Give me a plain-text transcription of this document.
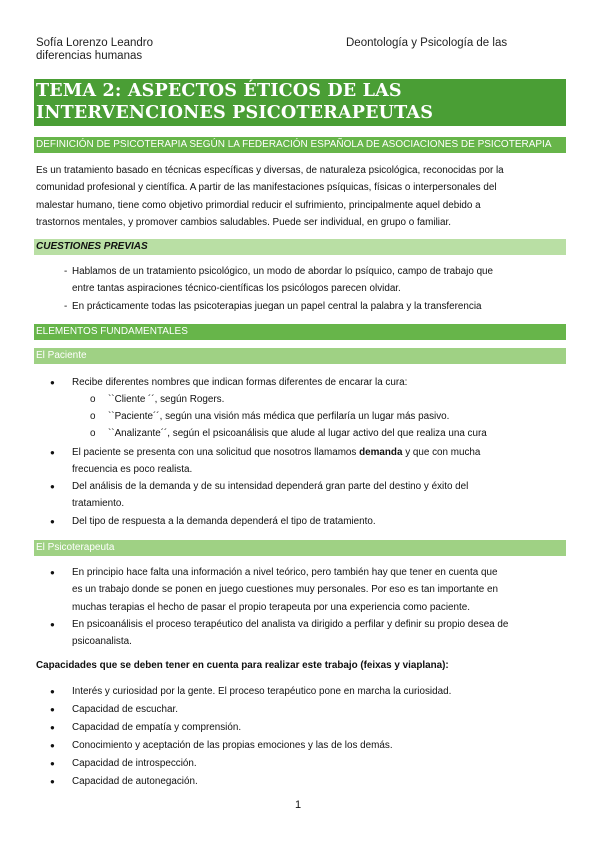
Sofía Lorenzo Leandro
diferencias humanas
Deontología y Psicología de las
TEMA 2: ASPECTOS ÉTICOS DE LAS
INTERVENCIONES PSICOTERAPEUTAS
DEFINICIÓN DE PSICOTERAPIA SEGÚN LA FEDERACIÓN ESPAÑOLA DE ASOCIACIONES DE PSICOTERAPIA
Es un tratamiento basado en técnicas específicas y diversas, de naturaleza psicológica, reconocidas por la
comunidad profesional y científica. A partir de las manifestaciones psíquicas, físicas o interpersonales del
malestar humano, tiene como objetivo primordial reducir el sufrimiento, principalmente aquel debido a
trastornos mentales, y promover cambios saludables. Puede ser individual, en grupo o familiar.
CUESTIONES PREVIAS
- Hablamos de un tratamiento psicológico, un modo de abordar lo psíquico, campo de trabajo que
entre tantas aspiraciones técnico-científicas los psicólogos parecen olvidar.
- En prácticamente todas las psicoterapias juegan un papel central la palabra y la transferencia
ELEMENTOS FUNDAMENTALES
El Paciente
● Recibe diferentes nombres que indican formas diferentes de encarar la cura:
o ``Cliente ´´, según Rogers.
o ``Paciente´´, según una visión más médica que perfilaría un lugar más pasivo.
o ``Analizante´´, según el psicoanálisis que alude al lugar activo del que realiza una cura
● El paciente se presenta con una solicitud que nosotros llamamos demanda y que con mucha
frecuencia es poco realista.
● Del análisis de la demanda y de su intensidad dependerá gran parte del destino y éxito del
tratamiento.
● Del tipo de respuesta a la demanda dependerá el tipo de tratamiento.
El Psicoterapeuta
● En principio hace falta una información a nivel teórico, pero también hay que tener en cuenta que
es un trabajo donde se ponen en juego cuestiones muy personales. Por eso es tan importante en
muchas terapias el hecho de pasar el propio terapeuta por una experiencia como paciente.
● En psicoanálisis el proceso terapéutico del analista va dirigido a perfilar y definir su propio desea de
psicoanalista.
Capacidades que se deben tener en cuenta para realizar este trabajo (feixas y viaplana):
● Interés y curiosidad por la gente. El proceso terapéutico pone en marcha la curiosidad.
● Capacidad de escuchar.
● Capacidad de empatía y comprensión.
● Conocimiento y aceptación de las propias emociones y las de los demás.
● Capacidad de introspección.
● Capacidad de autonegación.
1
